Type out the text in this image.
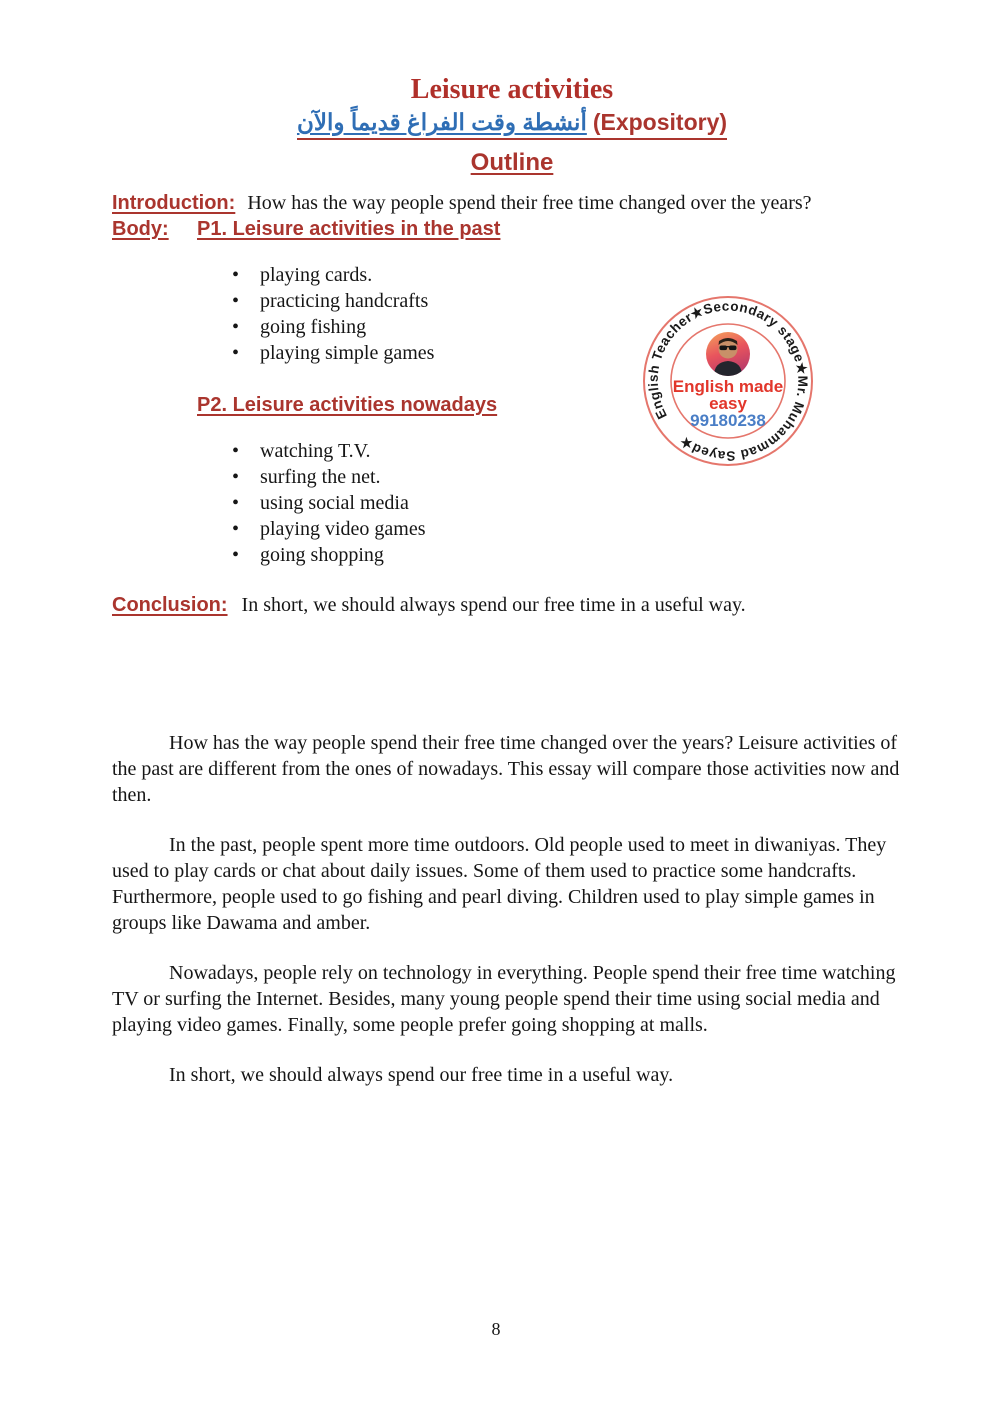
Leisure activities
أنشطة وقت الفراغ قديماً والآن (Expository)
Outline
Introduction: How has the way people spend their free time changed over the years?
Body:	P1. Leisure activities in the past
• playing cards.
• practicing handcrafts
• going fishing
• playing simple games
P2. Leisure activities nowadays
• watching T.V.
• surfing the net.
• using social media
• playing video games
• going shopping
Conclusion: In short, we should always spend our free time in a useful way.

How has the way people spend their free time changed over the years? Leisure activities of the past are different from the ones of nowadays. This essay will compare those activities now and then.

In the past, people spent more time outdoors. Old people used to meet in diwaniyas. They used to play cards or chat about daily issues. Some of them used to practice some handcrafts. Furthermore, people used to go fishing and pearl diving. Children used to play simple games in groups like Dawama and amber.

Nowadays, people rely on technology in everything. People spend their free time watching TV or surfing the Internet. Besides, many young people spend their time using social media and playing video games. Finally, some people prefer going shopping at malls.

In short, we should always spend our free time in a useful way.

English Teacher★Secondary stage★Mr. Muhammad Sayed★
English made
easy
99180238
8
